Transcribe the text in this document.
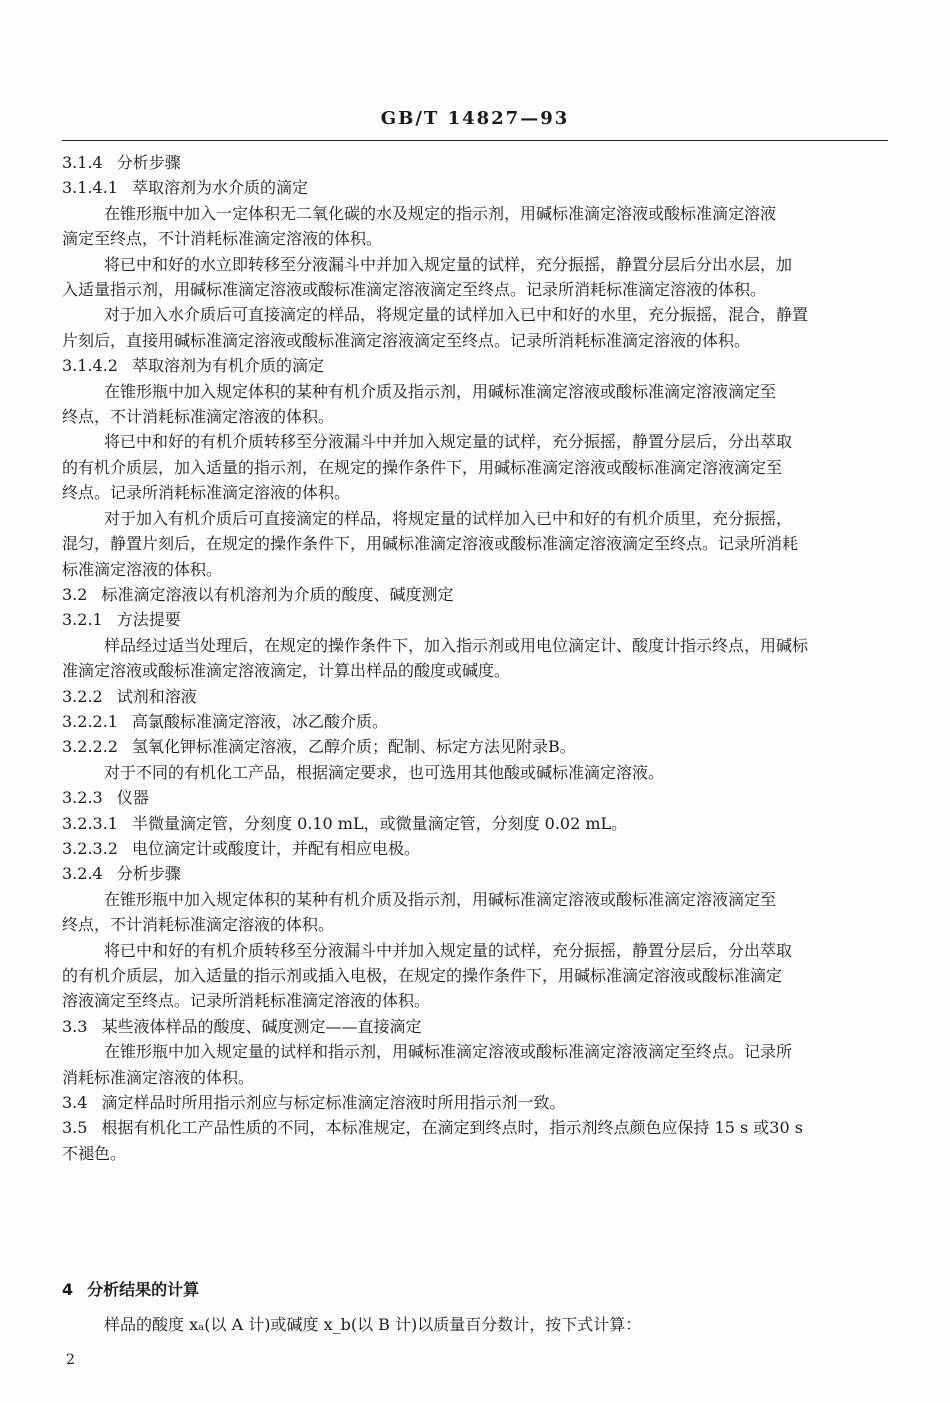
GB/T 14827—93
3.1.4 分析步骤
3.1.4.1 萃取溶剂为水介质的滴定
在锥形瓶中加入一定体积无二氧化碳的水及规定的指示剂，用碱标准滴定溶液或酸标准滴定溶液
滴定至终点，不计消耗标准滴定溶液的体积。
将已中和好的水立即转移至分液漏斗中并加入规定量的试样，充分振摇，静置分层后分出水层，加
入适量指示剂，用碱标准滴定溶液或酸标准滴定溶液滴定至终点。记录所消耗标准滴定溶液的体积。
对于加入水介质后可直接滴定的样品，将规定量的试样加入已中和好的水里，充分振摇，混合，静置
片刻后，直接用碱标准滴定溶液或酸标准滴定溶液滴定至终点。记录所消耗标准滴定溶液的体积。
3.1.4.2 萃取溶剂为有机介质的滴定
在锥形瓶中加入规定体积的某种有机介质及指示剂，用碱标准滴定溶液或酸标准滴定溶液滴定至
终点，不计消耗标准滴定溶液的体积。
将已中和好的有机介质转移至分液漏斗中并加入规定量的试样，充分振摇，静置分层后，分出萃取
的有机介质层，加入适量的指示剂，在规定的操作条件下，用碱标准滴定溶液或酸标准滴定溶液滴定至
终点。记录所消耗标准滴定溶液的体积。
对于加入有机介质后可直接滴定的样品，将规定量的试样加入已中和好的有机介质里，充分振摇，
混匀，静置片刻后，在规定的操作条件下，用碱标准滴定溶液或酸标准滴定溶液滴定至终点。记录所消耗
标准滴定溶液的体积。
3.2 标准滴定溶液以有机溶剂为介质的酸度、碱度测定
3.2.1 方法提要
样品经过适当处理后，在规定的操作条件下，加入指示剂或用电位滴定计、酸度计指示终点，用碱标
准滴定溶液或酸标准滴定溶液滴定，计算出样品的酸度或碱度。
3.2.2 试剂和溶液
3.2.2.1 高氯酸标准滴定溶液，冰乙酸介质。
3.2.2.2 氢氧化钾标准滴定溶液，乙醇介质；配制、标定方法见附录B。
对于不同的有机化工产品，根据滴定要求，也可选用其他酸或碱标准滴定溶液。
3.2.3 仪器
3.2.3.1 半微量滴定管，分刻度 0.10 mL，或微量滴定管，分刻度 0.02 mL。
3.2.3.2 电位滴定计或酸度计，并配有相应电极。
3.2.4 分析步骤
在锥形瓶中加入规定体积的某种有机介质及指示剂，用碱标准滴定溶液或酸标准滴定溶液滴定至
终点，不计消耗标准滴定溶液的体积。
将已中和好的有机介质转移至分液漏斗中并加入规定量的试样，充分振摇，静置分层后，分出萃取
的有机介质层，加入适量的指示剂或插入电极，在规定的操作条件下，用碱标准滴定溶液或酸标准滴定
溶液滴定至终点。记录所消耗标准滴定溶液的体积。
3.3 某些液体样品的酸度、碱度测定——直接滴定
在锥形瓶中加入规定量的试样和指示剂，用碱标准滴定溶液或酸标准滴定溶液滴定至终点。记录所
消耗标准滴定溶液的体积。
3.4 滴定样品时所用指示剂应与标定标准滴定溶液时所用指示剂一致。
3.5 根据有机化工产品性质的不同，本标准规定，在滴定到终点时，指示剂终点颜色应保持 15 s 或30 s
不褪色。
4 分析结果的计算
样品的酸度 xₐ(以 A 计)或碱度 x_b(以 B 计)以质量百分数计，按下式计算：
2
